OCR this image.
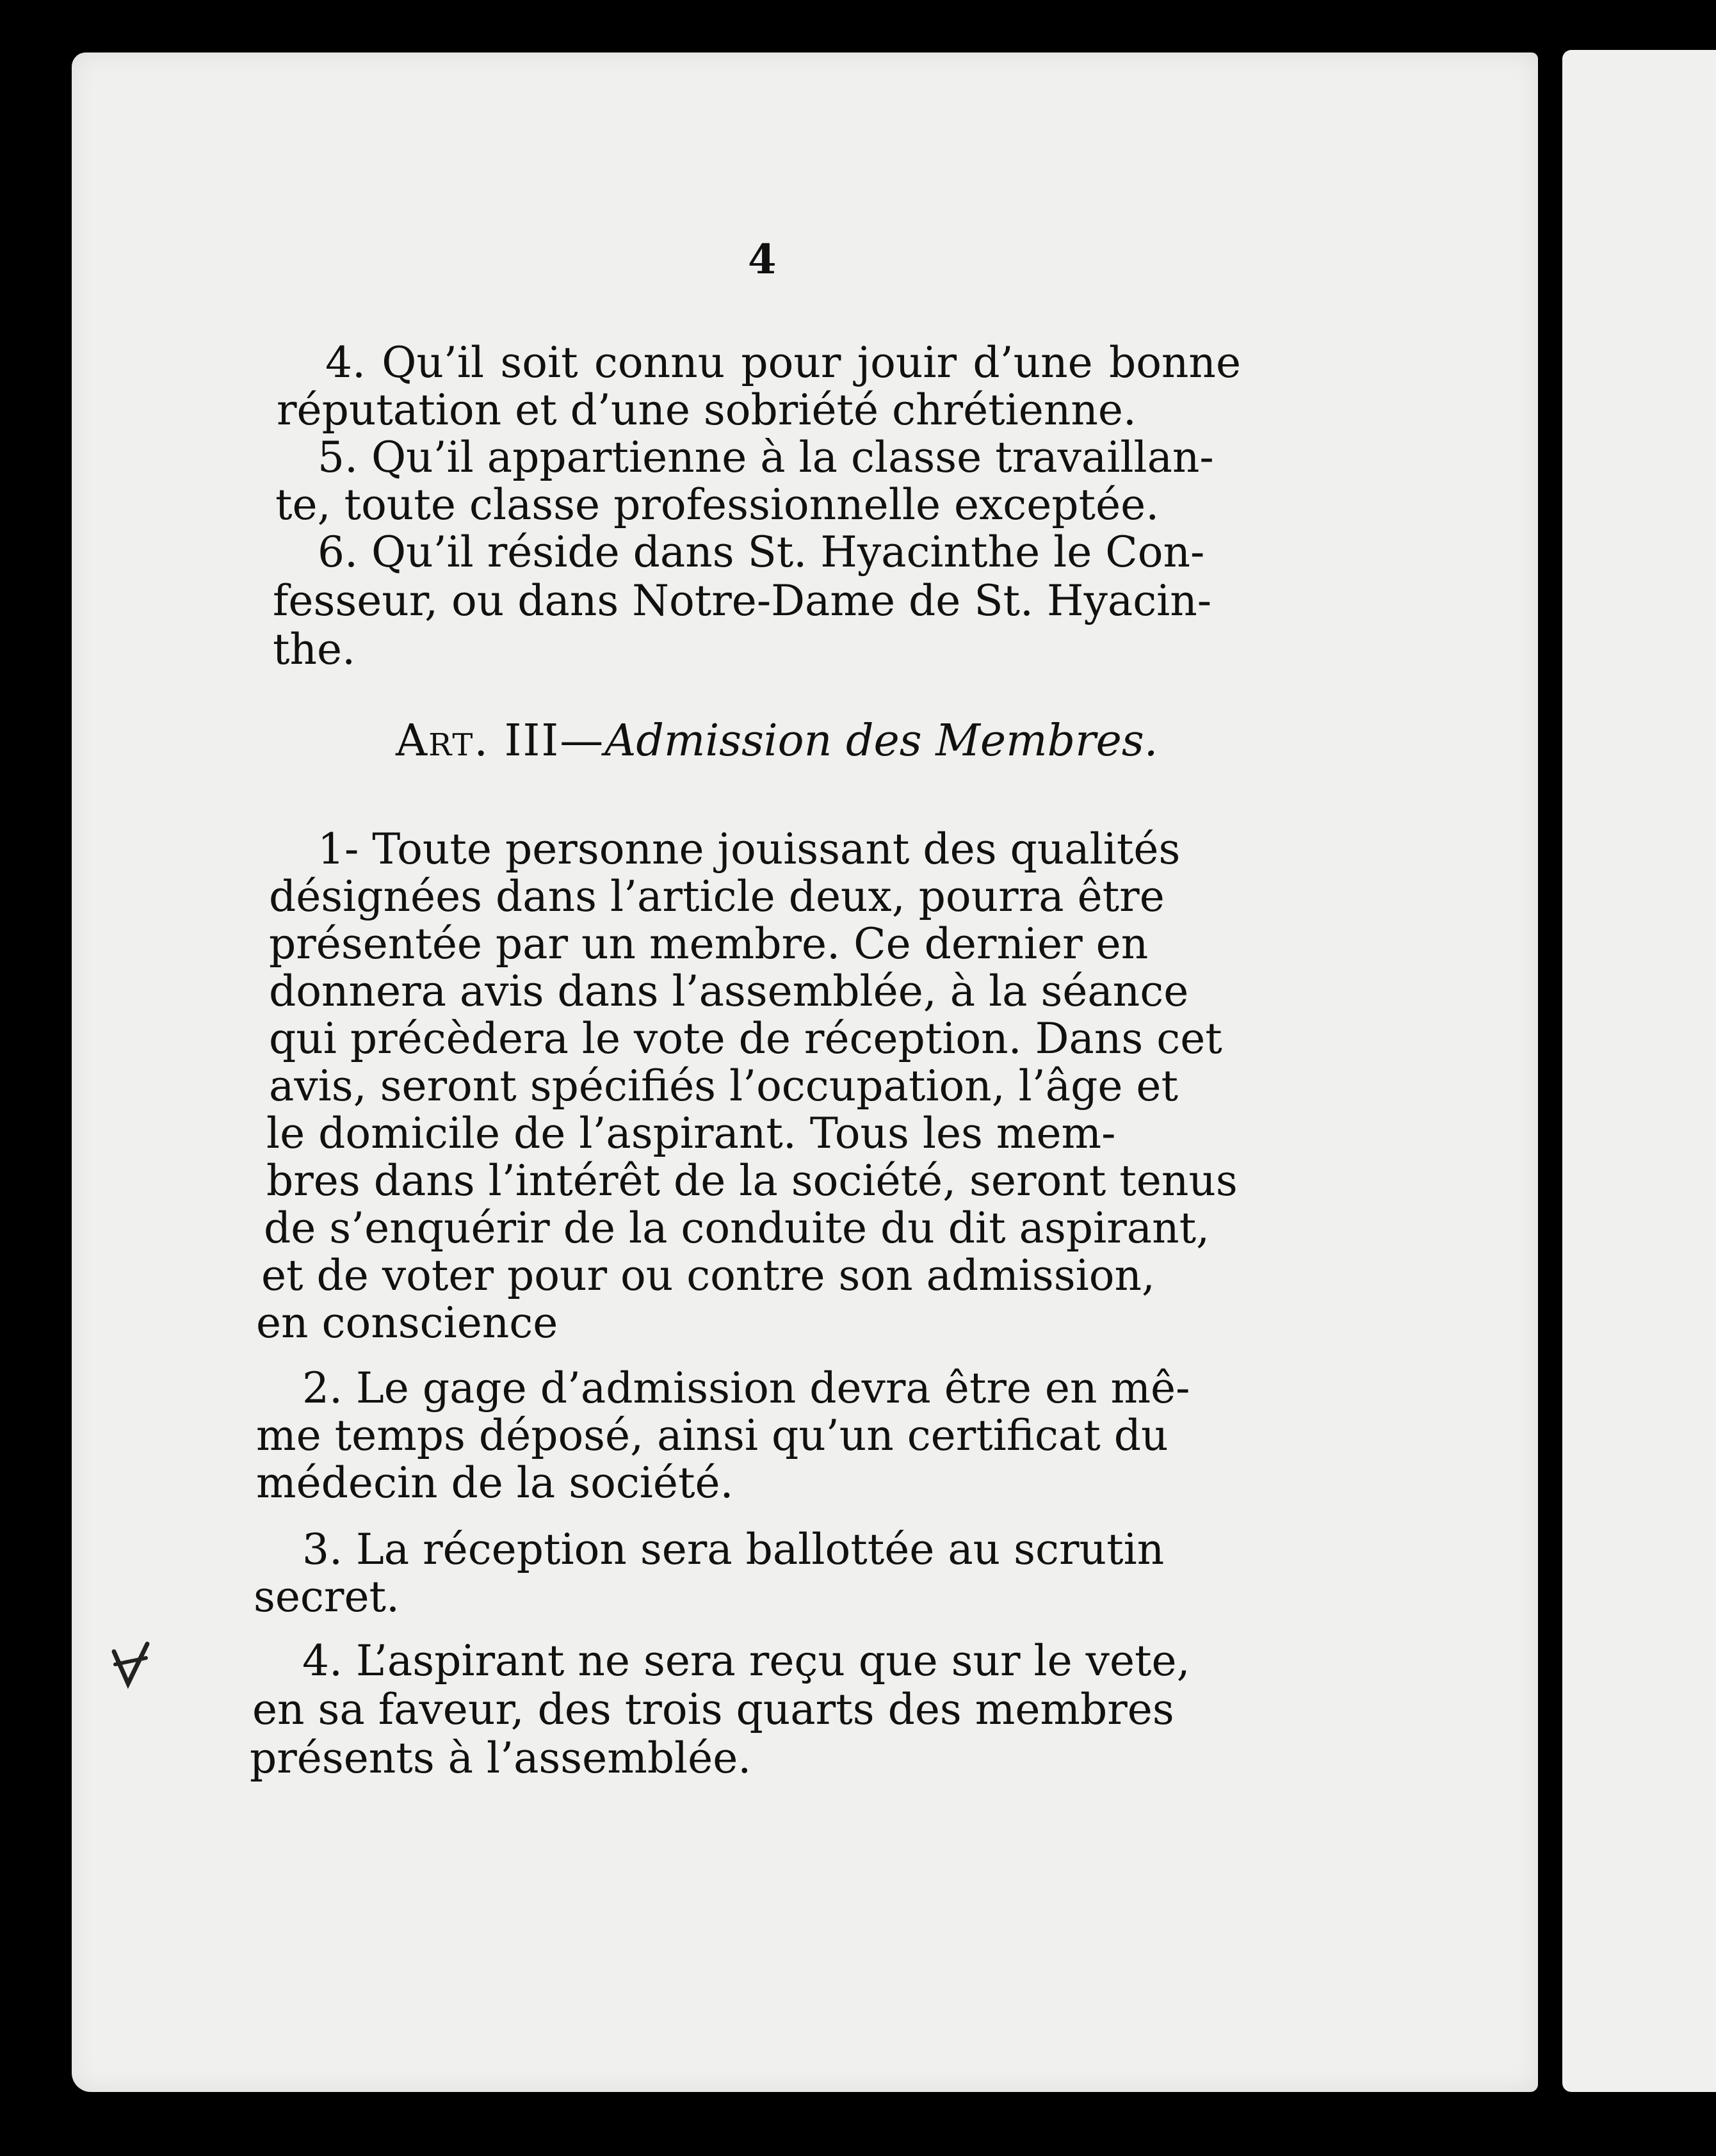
4
4. Qu’il soit connu pour jouir d’une bonne
réputation et d’une sobriété chrétienne.
5. Qu’il appartienne à la classe travaillan-
te, toute classe professionnelle exceptée.
6. Qu’il réside dans St. Hyacinthe le Con-
fesseur, ou dans Notre-Dame de St. Hyacin-
the.
Art. III—Admission des Membres.
1- Toute personne jouissant des qualités
désignées dans l’article deux, pourra être
présentée par un membre. Ce dernier en
donnera avis dans l’assemblée, à la séance
qui précèdera le vote de réception. Dans cet
avis, seront spécifiés l’occupation, l’âge et
le domicile de l’aspirant. Tous les mem-
bres dans l’intérêt de la société, seront tenus
de s’enquérir de la conduite du dit aspirant,
et de voter pour ou contre son admission,
en conscience
2. Le gage d’admission devra être en mê-
me temps déposé, ainsi qu’un certificat du
médecin de la société.
3. La réception sera ballottée au scrutin
secret.
4. L’aspirant ne sera reçu que sur le vete,
en sa faveur, des trois quarts des membres
présents à l’assemblée.
